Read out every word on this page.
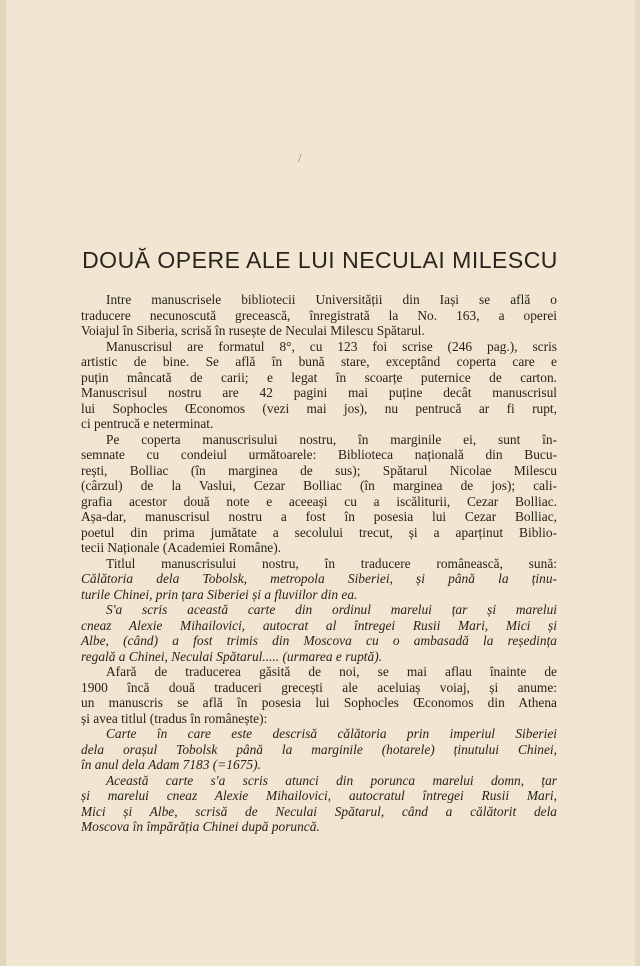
/
DOUĂ OPERE ALE LUI NECULAI MILESCU

Intre manuscrisele bibliotecii Universității din Iași se află o
traducere necunoscută grecească, înregistrată la No. 163, a operei
Voiajul în Siberia, scrisă în rusește de Neculai Milescu Spătarul.

Manuscrisul are formatul 8°, cu 123 foi scrise (246 pag.), scris
artistic de bine. Se află în bună stare, exceptând coperta care e
puțin mâncată de carii; e legat în scoarțe puternice de carton.
Manuscrisul nostru are 42 pagini mai puține decât manuscrisul
lui Sophocles Œconomos (vezi mai jos), nu pentrucă ar fi rupt,
ci pentrucă e neterminat.

Pe coperta manuscrisului nostru, în marginile ei, sunt în-
semnate cu condeiul următoarele: Biblioteca națională din Bucu-
rești, Bolliac (în marginea de sus); Spătarul Nicolae Milescu
(cârzul) de la Vaslui, Cezar Bolliac (în marginea de jos); cali-
grafia acestor două note e aceeași cu a iscăliturii, Cezar Bolliac.
Așa-dar, manuscrisul nostru a fost în posesia lui Cezar Bolliac,
poetul din prima jumătate a secolului trecut, și a aparținut Biblio-
tecii Naționale (Academiei Române).

Titlul manuscrisului nostru, în traducere românească, sună:
Călătoria dela Tobolsk, metropola Siberiei, și până la ținu-
turile Chinei, prin țara Siberiei și a fluviilor din ea.

S'a scris această carte din ordinul marelui țar și marelui
cneaz Alexie Mihailovici, autocrat al întregei Rusii Mari, Mici și
Albe, (când) a fost trimis din Moscova cu o ambasadă la reședința
regală a Chinei, Neculai Spătarul..... (urmarea e ruptă).

Afară de traducerea găsită de noi, se mai aflau înainte de
1900 încă două traduceri grecești ale aceluiaș voiaj, și anume:
un manuscris se află în posesia lui Sophocles Œconomos din Athena
și avea titlul (tradus în românește):

Carte în care este descrisă călătoria prin imperiul Siberiei
dela orașul Tobolsk până la marginile (hotarele) ținutului Chinei,
în anul dela Adam 7183 (=1675).

Această carte s'a scris atunci din porunca marelui domn, țar
și marelui cneaz Alexie Mihailovici, autocratul întregei Rusii Mari,
Mici și Albe, scrisă de Neculai Spătarul, când a călătorit dela
Moscova în împărăția Chinei după poruncă.
